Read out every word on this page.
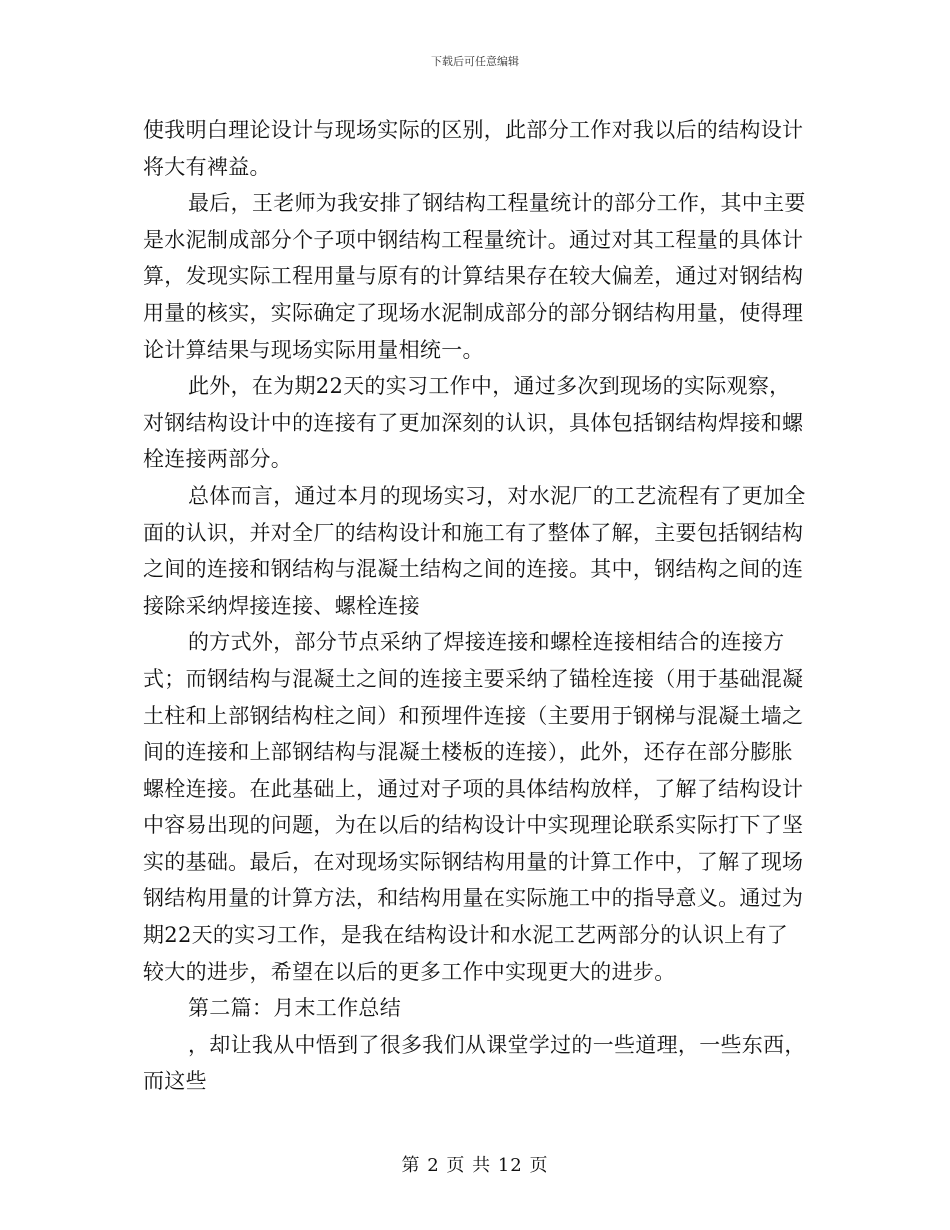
下载后可任意编辑

使我明白理论设计与现场实际的区别，此部分工作对我以后的结构设计将大有裨益。

最后，王老师为我安排了钢结构工程量统计的部分工作，其中主要是水泥制成部分个子项中钢结构工程量统计。通过对其工程量的具体计算，发现实际工程用量与原有的计算结果存在较大偏差，通过对钢结构用量的核实，实际确定了现场水泥制成部分的部分钢结构用量，使得理论计算结果与现场实际用量相统一。

此外，在为期22天的实习工作中，通过多次到现场的实际观察，对钢结构设计中的连接有了更加深刻的认识，具体包括钢结构焊接和螺栓连接两部分。

总体而言，通过本月的现场实习，对水泥厂的工艺流程有了更加全面的认识，并对全厂的结构设计和施工有了整体了解，主要包括钢结构之间的连接和钢结构与混凝土结构之间的连接。其中，钢结构之间的连接除采纳焊接连接、螺栓连接

的方式外，部分节点采纳了焊接连接和螺栓连接相结合的连接方式；而钢结构与混凝土之间的连接主要采纳了锚栓连接（用于基础混凝土柱和上部钢结构柱之间）和预埋件连接（主要用于钢梯与混凝土墙之间的连接和上部钢结构与混凝土楼板的连接），此外，还存在部分膨胀螺栓连接。在此基础上，通过对子项的具体结构放样，了解了结构设计中容易出现的问题，为在以后的结构设计中实现理论联系实际打下了坚实的基础。最后，在对现场实际钢结构用量的计算工作中，了解了现场钢结构用量的计算方法，和结构用量在实际施工中的指导意义。通过为期22天的实习工作，是我在结构设计和水泥工艺两部分的认识上有了较大的进步，希望在以后的更多工作中实现更大的进步。

第二篇：月末工作总结

，却让我从中悟到了很多我们从课堂学过的一些道理，一些东西，而这些

第 2 页 共 12 页
